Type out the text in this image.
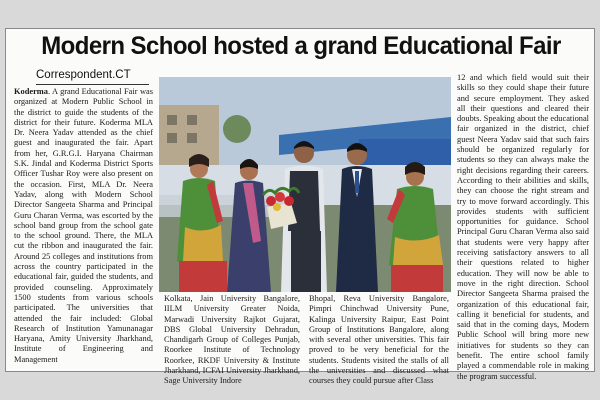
Modern School hosted a grand Educational Fair
Correspondent.CT

Koderma. A grand Educational Fair was organized at Modern Public School in the district to guide the students of the district for their future. Koderma MLA Dr. Neera Yadav attended as the chief guest and inaugurated the fair. Apart from her, G.R.G.I. Haryana Chairman S.K. Jindal and Koderma District Sports Officer Tushar Roy were also present on the occasion. First, MLA Dr. Neera Yadav, along with Modern School Director Sangeeta Sharma and Principal Guru Charan Verma, was escorted by the school band group from the school gate to the school ground. There, the MLA cut the ribbon and inaugurated the fair. Around 25 colleges and institutions from across the country participated in the educational fair, guided the students, and provided counseling. Approximately 1500 students from various schools participated. The universities that attended the fair included: Global Research of Institution Yamunanagar Haryana, Amity University Jharkhand, Institute of Engineering and Management

Kolkata, Jain University Bangalore, IILM University Greater Noida, Marwadi University Rajkot Gujarat, DBS Global University Dehradun, Chandigarh Group of Colleges Punjab, Roorkee Institute of Technology Roorkee, RKDF University & Institute Jharkhand, ICFAI University Jharkhand, Sage University Indore

Bhopal, Reva University Bangalore, Pimpri Chinchwad University Pune, Kalinga University Raipur, East Point Group of Institutions Bangalore, along with several other universities. This fair proved to be very beneficial for the students. Students visited the stalls of all the universities and discussed what courses they could pursue after Class

12 and which field would suit their skills so they could shape their future and secure employment. They asked all their questions and cleared their doubts. Speaking about the educational fair organized in the district, chief guest Neera Yadav said that such fairs should be organized regularly for students so they can always make the right decisions regarding their careers. According to their abilities and skills, they can choose the right stream and try to move forward accordingly. This provides students with sufficient opportunities for guidance. School Principal Guru Charan Verma also said that students were very happy after receiving satisfactory answers to all their questions related to higher education. They will now be able to move in the right direction. School Director Sangeeta Sharma praised the organization of this educational fair, calling it beneficial for students, and said that in the coming days, Modern Public School will bring more new initiatives for students so they can benefit. The entire school family played a commendable role in making the program successful.
